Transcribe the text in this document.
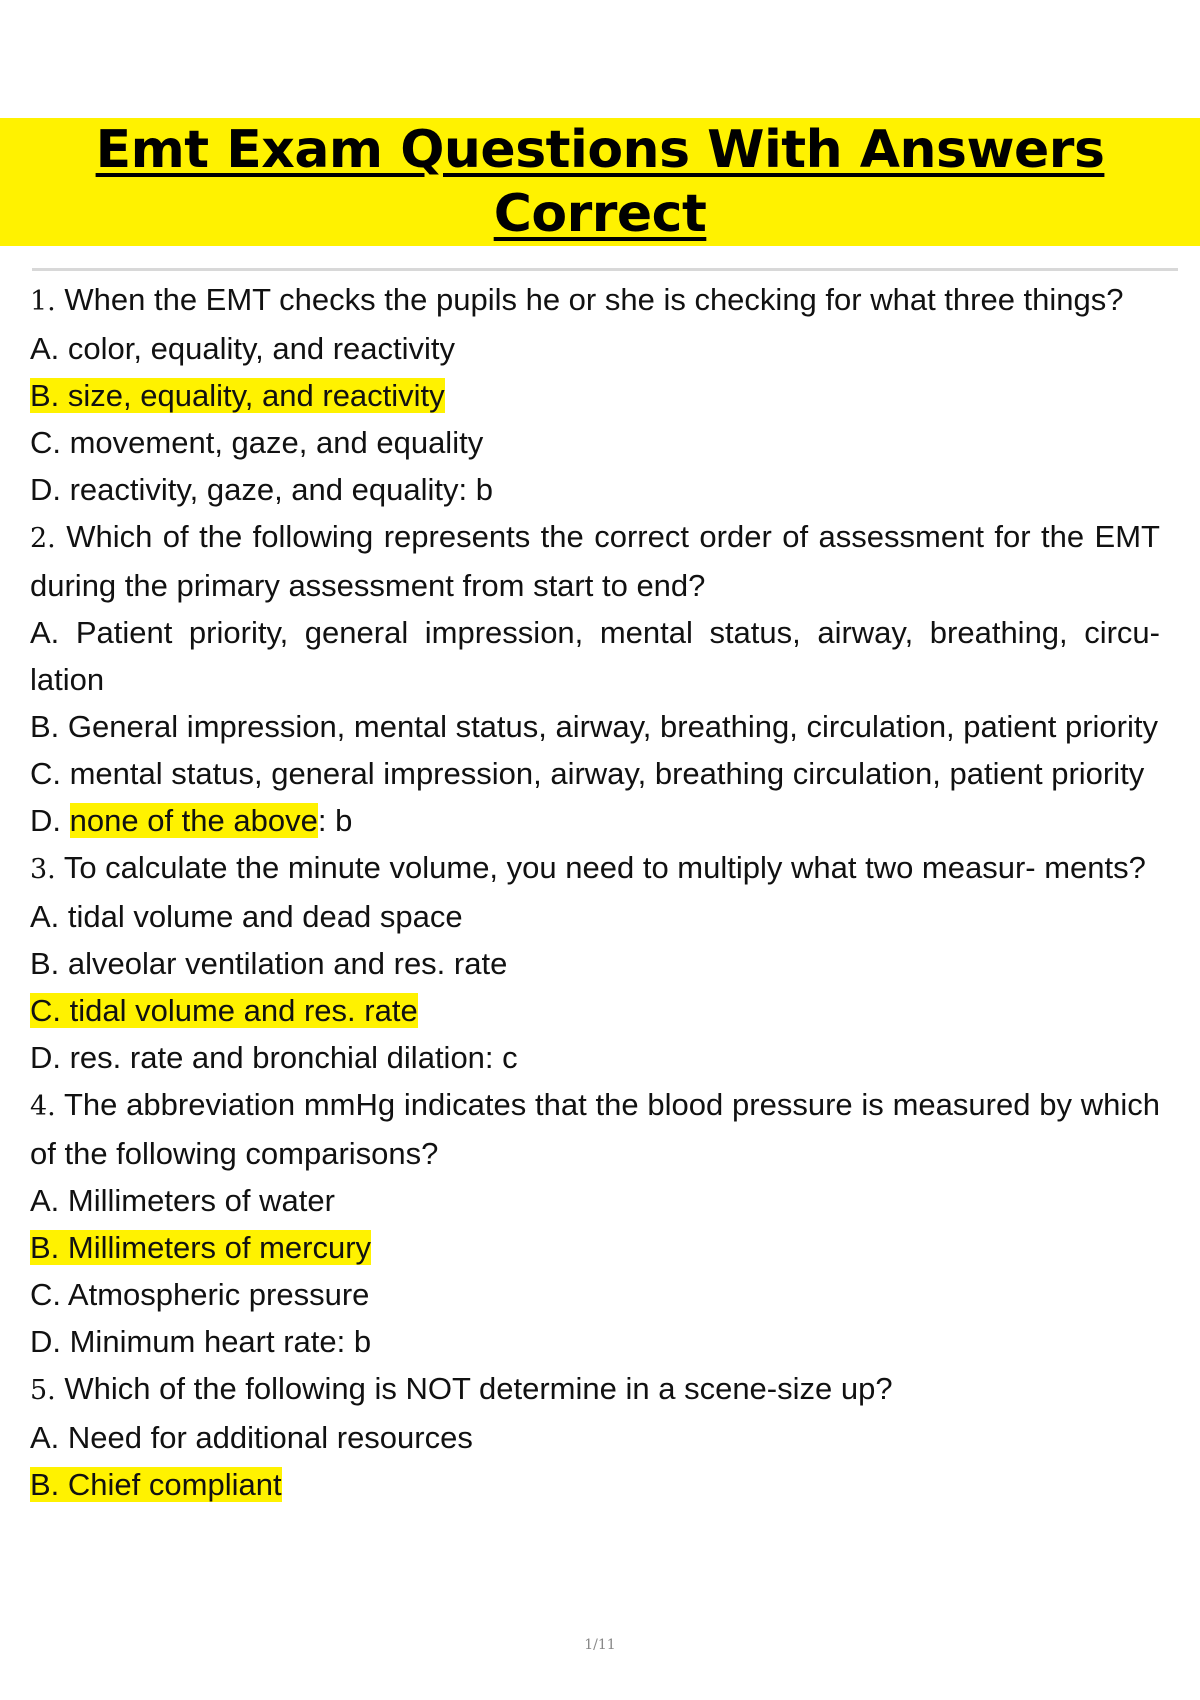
Emt Exam Questions With Answers Correct
1. When the EMT checks the pupils he or she is checking for what three things?
A. color, equality, and reactivity
B. size, equality, and reactivity
C. movement, gaze, and equality
D. reactivity, gaze, and equality: b
2. Which of the following represents the correct order of assessment for the EMT during the primary assessment from start to end?
A. Patient priority, general impression, mental status, airway, breathing, circu- lation
B. General impression, mental status, airway, breathing, circulation, patient priority
C. mental status, general impression, airway, breathing circulation, patient priority
D. none of the above: b
3. To calculate the minute volume, you need to multiply what two measur- ments?
A. tidal volume and dead space
B. alveolar ventilation and res. rate
C. tidal volume and res. rate
D. res. rate and bronchial dilation: c
4. The abbreviation mmHg indicates that the blood pressure is measured by which of the following comparisons?
A. Millimeters of water
B. Millimeters of mercury
C. Atmospheric pressure
D. Minimum heart rate: b
5. Which of the following is NOT determine in a scene-size up?
A. Need for additional resources
B. Chief compliant
1/11
